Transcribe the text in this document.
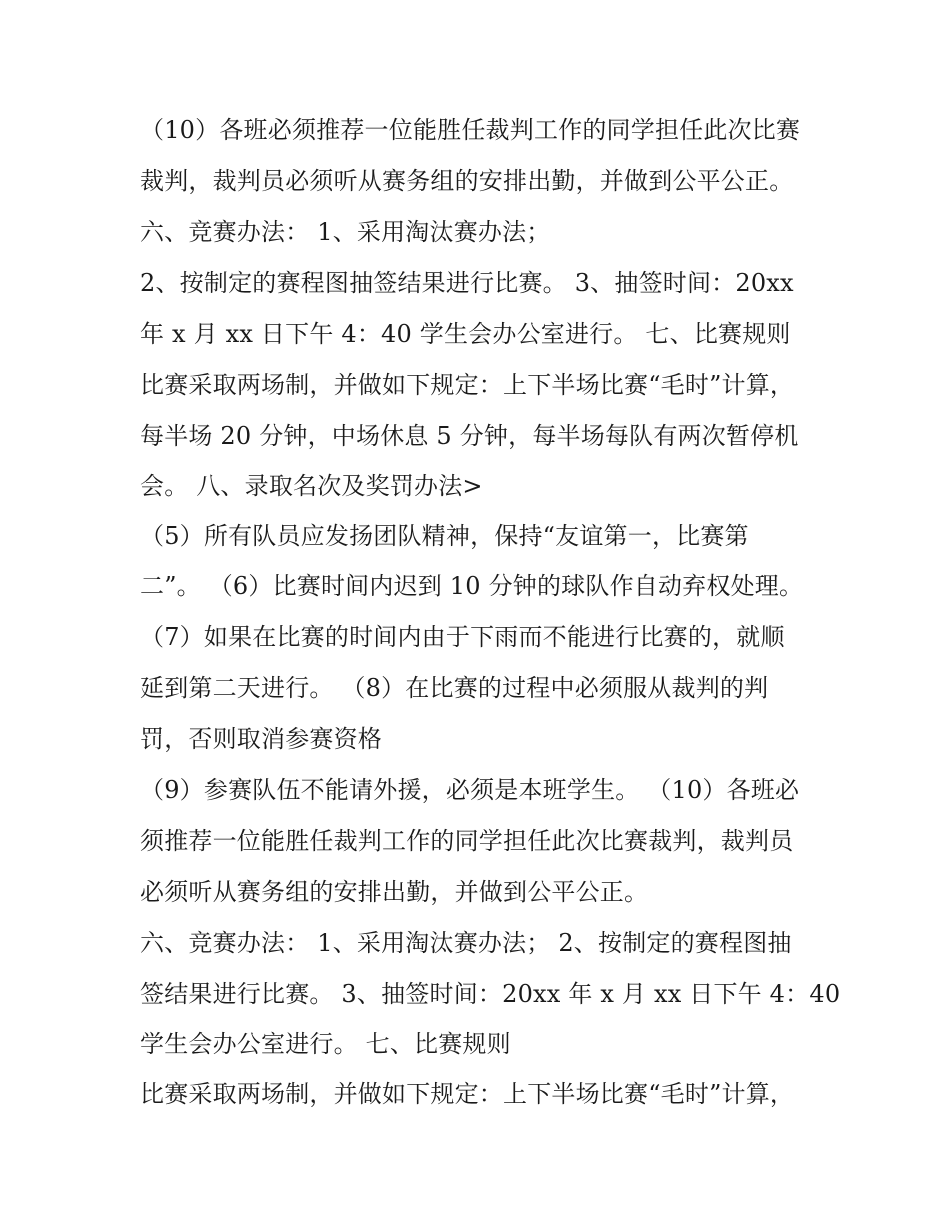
（10）各班必须推荐一位能胜任裁判工作的同学担任此次比赛
裁判，裁判员必须听从赛务组的安排出勤，并做到公平公正。
六、竞赛办法： 1、采用淘汰赛办法；
2、按制定的赛程图抽签结果进行比赛。 3、抽签时间：20xx
年 x 月 xx 日下午 4：40 学生会办公室进行。 七、比赛规则
比赛采取两场制，并做如下规定：上下半场比赛“毛时”计算，
每半场 20 分钟，中场休息 5 分钟，每半场每队有两次暂停机
会。 八、录取名次及奖罚办法>
（5）所有队员应发扬团队精神，保持“友谊第一，比赛第
二”。 （6）比赛时间内迟到 10 分钟的球队作自动弃权处理。
（7）如果在比赛的时间内由于下雨而不能进行比赛的，就顺
延到第二天进行。 （8）在比赛的过程中必须服从裁判的判
罚，否则取消参赛资格
（9）参赛队伍不能请外援，必须是本班学生。 （10）各班必
须推荐一位能胜任裁判工作的同学担任此次比赛裁判，裁判员
必须听从赛务组的安排出勤，并做到公平公正。
六、竞赛办法： 1、采用淘汰赛办法； 2、按制定的赛程图抽
签结果进行比赛。 3、抽签时间：20xx 年 x 月 xx 日下午 4：40
学生会办公室进行。 七、比赛规则
比赛采取两场制，并做如下规定：上下半场比赛“毛时”计算，
